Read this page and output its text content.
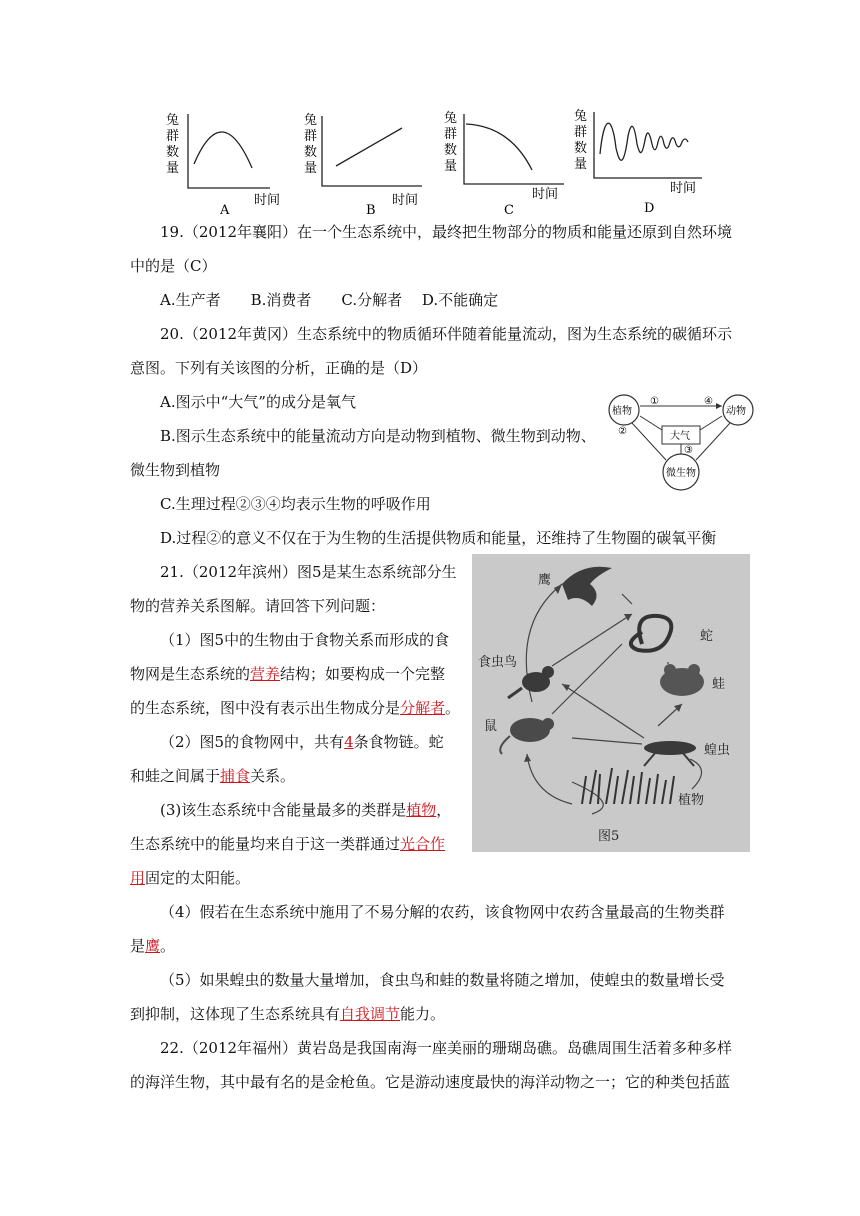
兔
群
数
量
时间
A
兔
群
数
量
时间
B
兔
群
数
量
时间
C
兔
群
数
量
时间
D
19.（2012年襄阳）在一个生态系统中，最终把生物部分的物质和能量还原到自然环境
中的是（C）
A.生产者　　B.消费者　　C.分解者　 D.不能确定
20.（2012年黄冈）生态系统中的物质循环伴随着能量流动，图为生态系统的碳循环示
意图。下列有关该图的分析，正确的是（D）
A.图示中“大气”的成分是氧气
B.图示生态系统中的能量流动方向是动物到植物、微生物到动物、
微生物到植物
C.生理过程②③④均表示生物的呼吸作用
D.过程②的意义不仅在于为生物的生活提供物质和能量，还维持了生物圈的碳氧平衡
植物	动物
微生物
大气
①	④
②
③
21.（2012年滨州）图5是某生态系统部分生
物的营养关系图解。请回答下列问题：
（1）图5中的生物由于食物关系而形成的食
物网是生态系统的营养结构；如要构成一个完整
的生态系统，图中没有表示出生物成分是分解者。
（2）图5的食物网中，共有4条食物链。蛇
和蛙之间属于捕食关系。
(3)该生态系统中含能量最多的类群是植物，
生态系统中的能量均来自于这一类群通过光合作
用固定的太阳能。
（4）假若在生态系统中施用了不易分解的农药，该食物网中农药含量最高的生物类群
是鹰。
（5）如果蝗虫的数量大量增加，食虫鸟和蛙的数量将随之增加，使蝗虫的数量增长受
到抑制，这体现了生态系统具有自我调节能力。
鹰
蛇
食虫鸟
蛙
鼠
蝗虫
植物
图5
22.（2012年福州）黄岩岛是我国南海一座美丽的珊瑚岛礁。岛礁周围生活着多种多样
的海洋生物，其中最有名的是金枪鱼。它是游动速度最快的海洋动物之一；它的种类包括蓝
